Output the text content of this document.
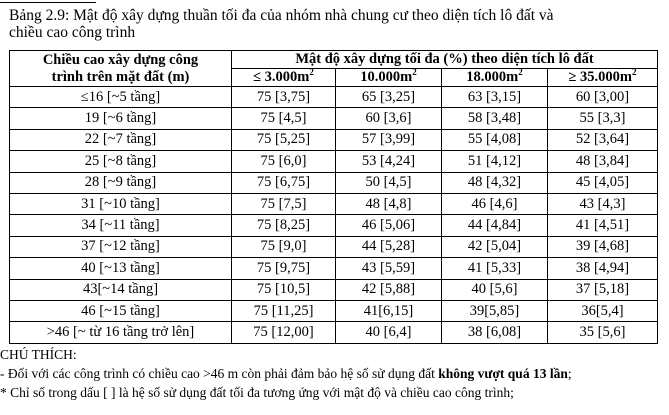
Bảng 2.9: Mật độ xây dựng thuần tối đa của nhóm nhà chung cư theo diện tích lô đất và
chiều cao công trình
Chiều cao xây dựng công
trình trên mặt đất (m)	Mật độ xây dựng tối đa (%) theo diện tích lô đất			
	≤ $3.000m^2$	$10.000m^2$	$18.000m^2$	≥ $35.000m^2$
≤16 [~5 tầng]	75 [3,75]	65 [3,25]	63 [3,15]	60 [3,00]
19 [~6 tầng]	75 [4,5]	60 [3,6]	58 [3,48]	55 [3,3]
22 [~7 tầng]	75 [5,25]	57 [3,99]	55 [4,08]	52 [3,64]
25 [~8 tầng]	75 [6,0]	53 [4,24]	51 [4,12]	48 [3,84]
28 [~9 tầng]	75 [6,75]	50 [4,5]	48 [4,32]	45 [4,05]
31 [~10 tầng]	75 [7,5]	48 [4,8]	46 [4,6]	43 [4,3]
34 [~11 tầng]	75 [8,25]	46 [5,06]	44 [4,84]	41 [4,51]
37 [~12 tầng]	75 [9,0]	44 [5,28]	42 [5,04]	39 [4,68]
40 [~13 tầng]	75 [9,75]	43 [5,59]	41 [5,33]	38 [4,94]
43[~14 tầng]	75 [10,5]	42 [5,88]	40 [5,6]	37 [5,18]
46 [~15 tầng]	75 [11,25]	41[6,15]	39[5,85]	36[5,4]
>46 [~ từ 16 tầng trở lên]	75 [12,00]	40 [6,4]	38 [6,08]	35 [5,6]
CHÚ THÍCH:
- Đối với các công trình có chiều cao >46 m còn phải đảm bảo hệ số sử dụng đất không vượt quá 13 lần;
* Chỉ số trong dấu [ ] là hệ số sử dụng đất tối đa tương ứng với mật độ và chiều cao công trình;
